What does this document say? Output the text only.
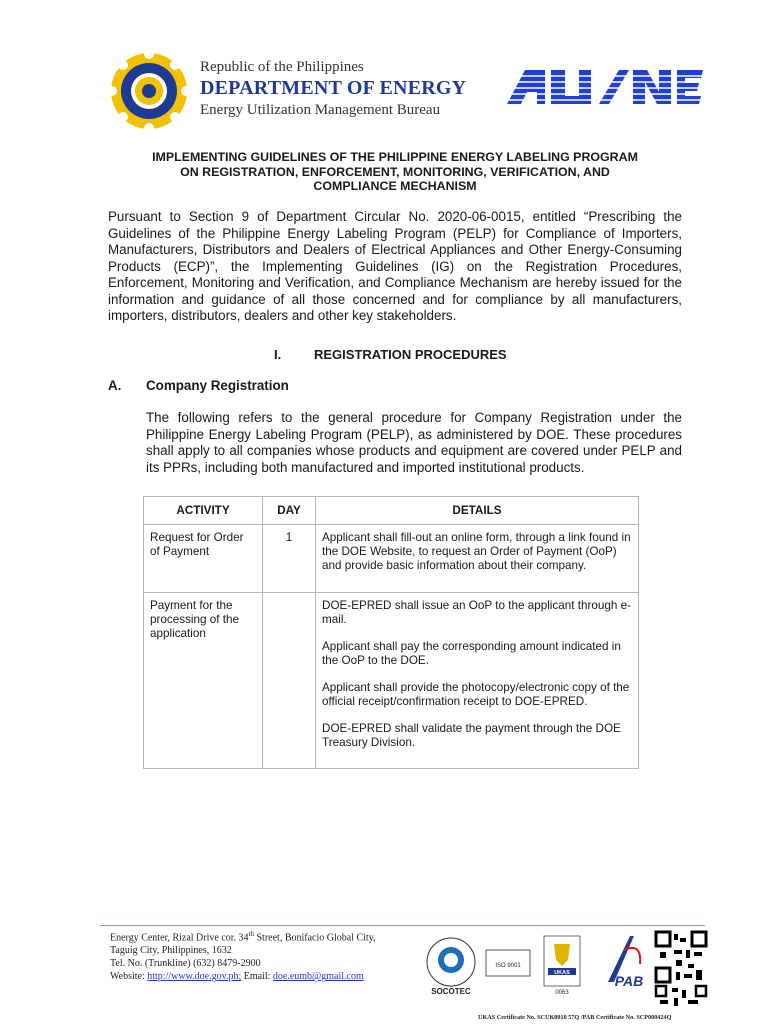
Republic of the Philippines
DEPARTMENT OF ENERGY
Energy Utilization Management Bureau
IMPLEMENTING GUIDELINES OF THE PHILIPPINE ENERGY LABELING PROGRAM
ON REGISTRATION, ENFORCEMENT, MONITORING, VERIFICATION, AND
COMPLIANCE MECHANISM
Pursuant to Section 9 of Department Circular No. 2020-06-0015, entitled “Prescribing the Guidelines of the Philippine Energy Labeling Program (PELP) for Compliance of Importers, Manufacturers, Distributors and Dealers of Electrical Appliances and Other Energy-Consuming Products (ECP)”, the Implementing Guidelines (IG) on the Registration Procedures, Enforcement, Monitoring and Verification, and Compliance Mechanism are hereby issued for the information and guidance of all those concerned and for compliance by all manufacturers, importers, distributors, dealers and other key stakeholders.
I.	REGISTRATION PROCEDURES
A. Company Registration
The following refers to the general procedure for Company Registration under the Philippine Energy Labeling Program (PELP), as administered by DOE. These procedures shall apply to all companies whose products and equipment are covered under PELP and its PPRs, including both manufactured and imported institutional products.
ACTIVITY	DAY	DETAILS
Request for Order of Payment	1	Applicant shall fill-out an online form, through a link found in the DOE Website, to request an Order of Payment (OoP) and provide basic information about their company.

Payment for the processing of the application		DOE-EPRED shall issue an OoP to the applicant through e-mail.

Applicant shall pay the corresponding amount indicated in the OoP to the DOE.

Applicant shall provide the photocopy/electronic copy of the official receipt/confirmation receipt to DOE-EPRED.

DOE-EPRED shall validate the payment through the DOE Treasury Division.

Energy Center, Rizal Drive cor. 34th Street, Bonifacio Global City,
Taguig City, Philippines, 1632
Tel. No. (Trunkline) (632) 8479-2900
Website: http://www.doe.gov.ph; Email: doe.eumb@gmail.com
SOCOTEC
ISO 9001
UKAS
0063
PAB
UKAS Certificate No. SCUK0010 57Q /PAB Certificate No. SCP000424Q
